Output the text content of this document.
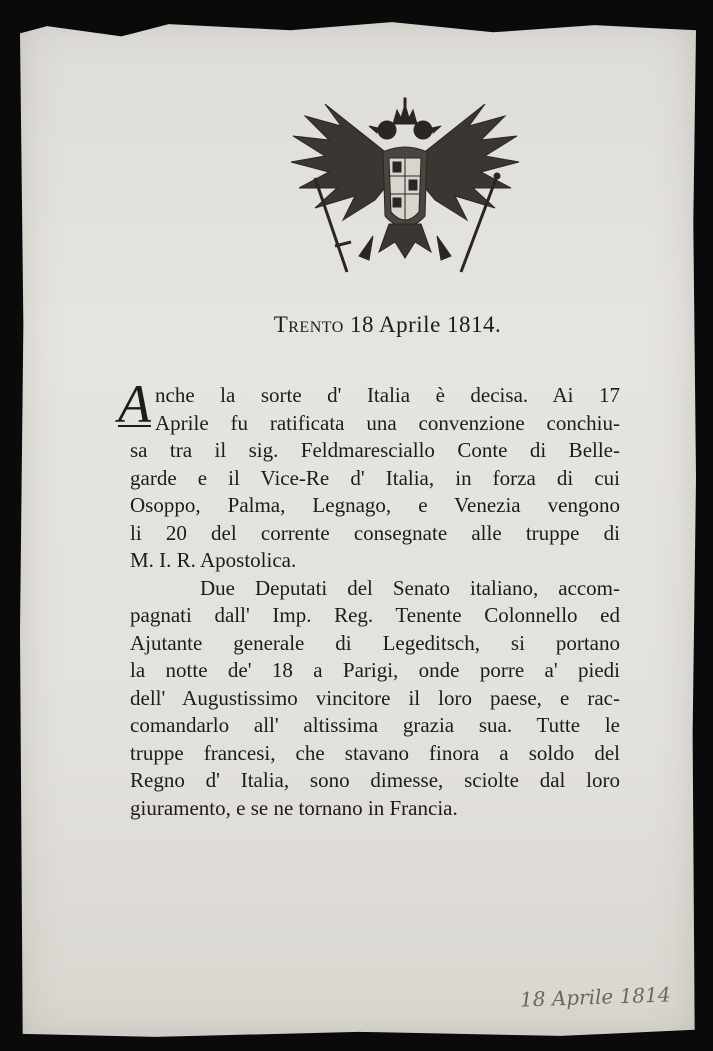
Trento 18 Aprile 1814.
A nche la sorte d' Italia è decisa. Ai 17
Aprile fu ratificata una convenzione conchiu-
sa tra il sig. Feldmaresciallo Conte di Belle-
garde e il Vice-Re d' Italia, in forza di cui
Osoppo, Palma, Legnago, e Venezia vengono
li 20 del corrente consegnate alle truppe di
M. I. R. Apostolica.
Due Deputati del Senato italiano, accom-
pagnati dall' Imp. Reg. Tenente Colonnello ed
Ajutante generale di Legeditsch, si portano
la notte de' 18 a Parigi, onde porre a' piedi
dell' Augustissimo vincitore il loro paese, e rac-
comandarlo all' altissima grazia sua. Tutte le
truppe francesi, che stavano finora a soldo del
Regno d' Italia, sono dimesse, sciolte dal loro
giuramento, e se ne tornano in Francia.
18 Aprile 1814
